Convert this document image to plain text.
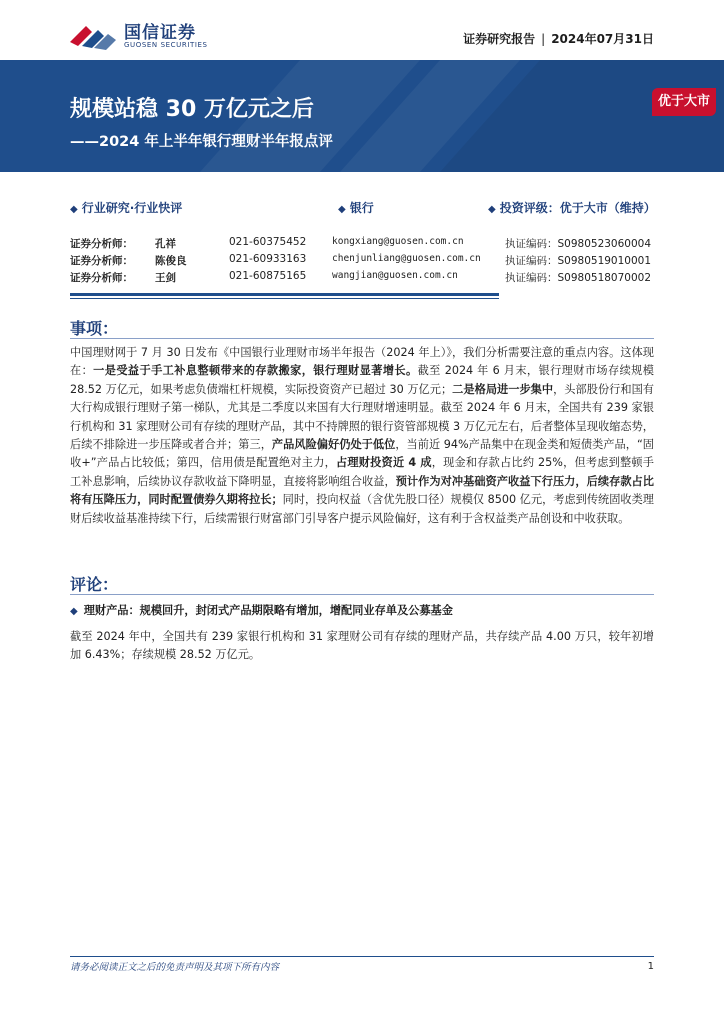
国信证券
GUOSEN SECURITIES	证券研究报告 | 2024年07月31日
规模站稳 30 万亿元之后
——2024 年上半年银行理财半年报点评
优于大市
◆ 行业研究·行业快评	◆ 银行	◆ 投资评级：优于大市（维持）
证券分析师： 孔祥	021-60375452	kongxiang@guosen.com.cn	执证编码：S0980523060004
证券分析师： 陈俊良	021-60933163	chenjunliang@guosen.com.cn 执证编码：S0980519010001
证券分析师： 王剑	021-60875165	wangjian@guosen.com.cn	执证编码：S0980518070002
事项：
中国理财网于 7 月 30 日发布《中国银行业理财市场半年报告（2024 年上）》，我们分析需要注意的重点内容。这体现在：一是受益于手工补息整顿带来的存款搬家，银行理财显著增长。截至 2024 年 6 月末，银行理财市场存续规模 28.52 万亿元，如果考虑负债端杠杆规模，实际投资资产已超过 30 万亿元；二是格局进一步集中，头部股份行和国有大行构成银行理财子第一梯队，尤其是二季度以来国有大行理财增速明显。截至 2024 年 6 月末，全国共有 239 家银行机构和 31 家理财公司有存续的理财产品，其中不持牌照的银行资管部规模 3 万亿元左右，后者整体呈现收缩态势，后续不排除进一步压降或者合并；第三，产品风险偏好仍处于低位，当前近 94%产品集中在现金类和短债类产品，“固收+”产品占比较低；第四，信用债是配置绝对主力，占理财投资近 4 成，现金和存款占比约 25%，但考虑到整顿手工补息影响，后续协议存款收益下降明显，直接将影响组合收益，预计作为对冲基础资产收益下行压力，后续存款占比将有压降压力，同时配置债券久期将拉长；同时，投向权益（含优先股口径）规模仅 8500 亿元，考虑到传统固收类理财后续收益基准持续下行，后续需银行财富部门引导客户提示风险偏好，这有利于含权益类产品创设和中收获取。
评论：
◆ 理财产品：规模回升，封闭式产品期限略有增加，增配同业存单及公募基金
截至 2024 年中，全国共有 239 家银行机构和 31 家理财公司有存续的理财产品，共存续产品 4.00 万只，较年初增加 6.43%；存续规模 28.52 万亿元。
请务必阅读正文之后的免责声明及其项下所有内容	1
